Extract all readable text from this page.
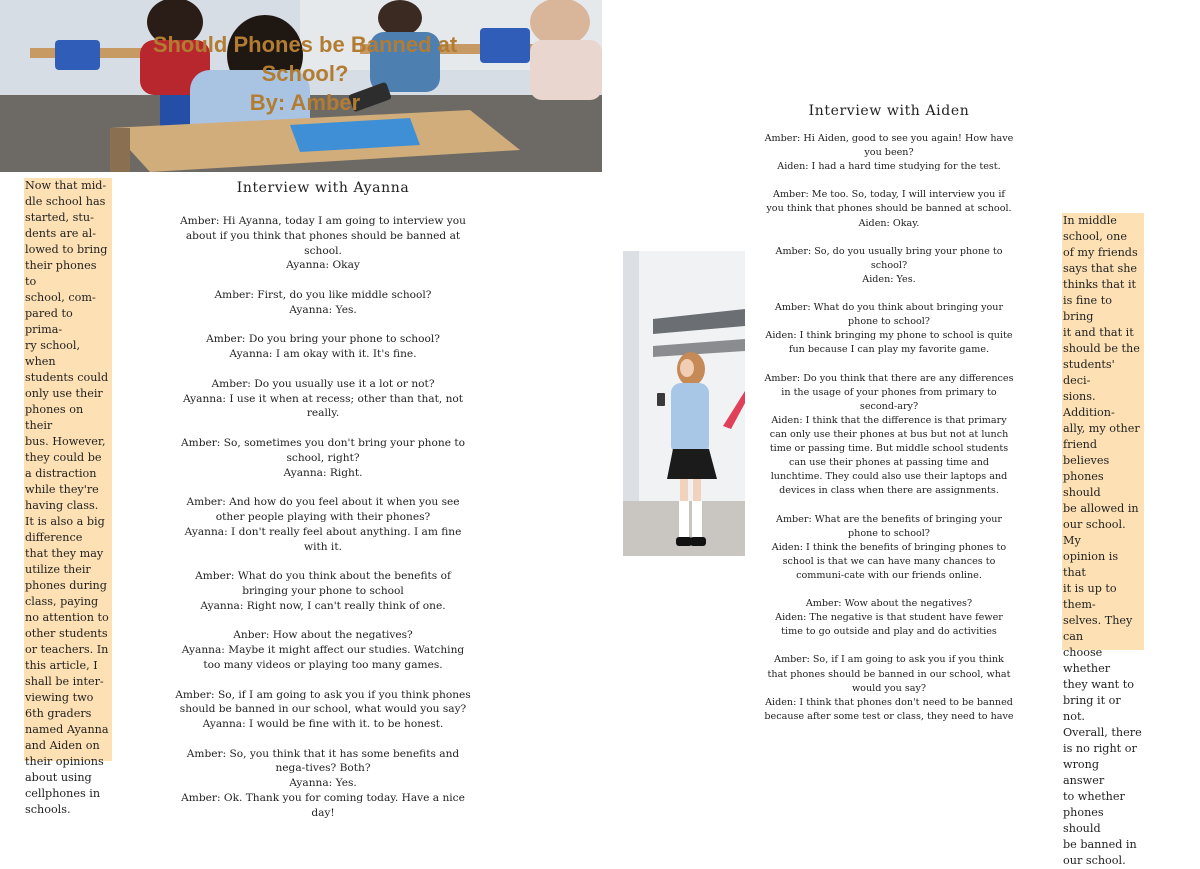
Should Phones be Banned at
School?
By: Amber
Now that mid-
dle school has
started, stu-
dents are al-
lowed to bring
their phones to
school, com-
pared to prima-
ry school, when
students could
only use their
phones on their
bus. However,
they could be
a distraction
while they're
having class.
It is also a big
difference
that they may
utilize their
phones during
class, paying
no attention to
other students
or teachers. In
this article, I
shall be inter-
viewing two
6th graders
named Ayanna
and Aiden on
their opinions
about using
cellphones in
schools.
Interview with Ayanna

Amber: Hi Ayanna, today I am going to interview you about if you think that phones should be banned at school.

Ayanna: Okay

Amber: First, do you like middle school?

Ayanna: Yes.

Amber: Do you bring your phone to school?

Ayanna: I am okay with it. It's fine.

Amber: Do you usually use it a lot or not?

Ayanna: I use it when at recess; other than that, not really.

Amber: So, sometimes you don't bring your phone to school, right?

Ayanna: Right.

Amber: And how do you feel about it when you see other people playing with their phones?

Ayanna: I don't really feel about anything. I am fine with it.

Amber: What do you think about the benefits of bringing your phone to school

Ayanna: Right now, I can't really think of one.

Anber: How about the negatives?

Ayanna: Maybe it might affect our studies. Watching too many videos or playing too many games.

Amber: So, if I am going to ask you if you think phones should be banned in our school, what would you say?

Ayanna: I would be fine with it. to be honest.

Amber: So, you think that it has some benefits and nega-tives? Both?

Ayanna: Yes.

Amber: Ok. Thank you for coming today. Have a nice day!

Interview with Aiden

Amber: Hi Aiden, good to see you again! How have you been?

Aiden: I had a hard time studying for the test.

Amber: Me too. So, today, I will interview you if you think that phones should be banned at school.

Aiden: Okay.

Amber: So, do you usually bring your phone to school?

Aiden: Yes.

Amber: What do you think about bringing your phone to school?

Aiden: I think bringing my phone to school is quite fun because I can play my favorite game.

Amber: Do you think that there are any differences in the usage of your phones from primary to second-ary?

Aiden: I think that the difference is that primary can only use their phones at bus but not at lunch time or passing time. But middle school students can use their phones at passing time and lunchtime. They could also use their laptops and devices in class when there are assignments.

Amber: What are the benefits of bringing your phone to school?

Aiden: I think the benefits of bringing phones to school is that we can have many chances to communi-cate with our friends online.

Amber: Wow about the negatives?

Aiden: The negative is that student have fewer time to go outside and play and do activities

Amber: So, if I am going to ask you if you think that phones should be banned in our school, what would you say?

Aiden: I think that phones don't need to be banned because after some test or class, they need to have

In middle
school, one
of my friends
says that she
thinks that it
is fine to bring
it and that it
should be the
students' deci-
sions. Addition-
ally, my other
friend believes
phones should
be allowed in
our school. My
opinion is that
it is up to them-
selves. They can
choose whether
they want to
bring it or not.
Overall, there
is no right or
wrong answer
to whether
phones should
be banned in
our school.
